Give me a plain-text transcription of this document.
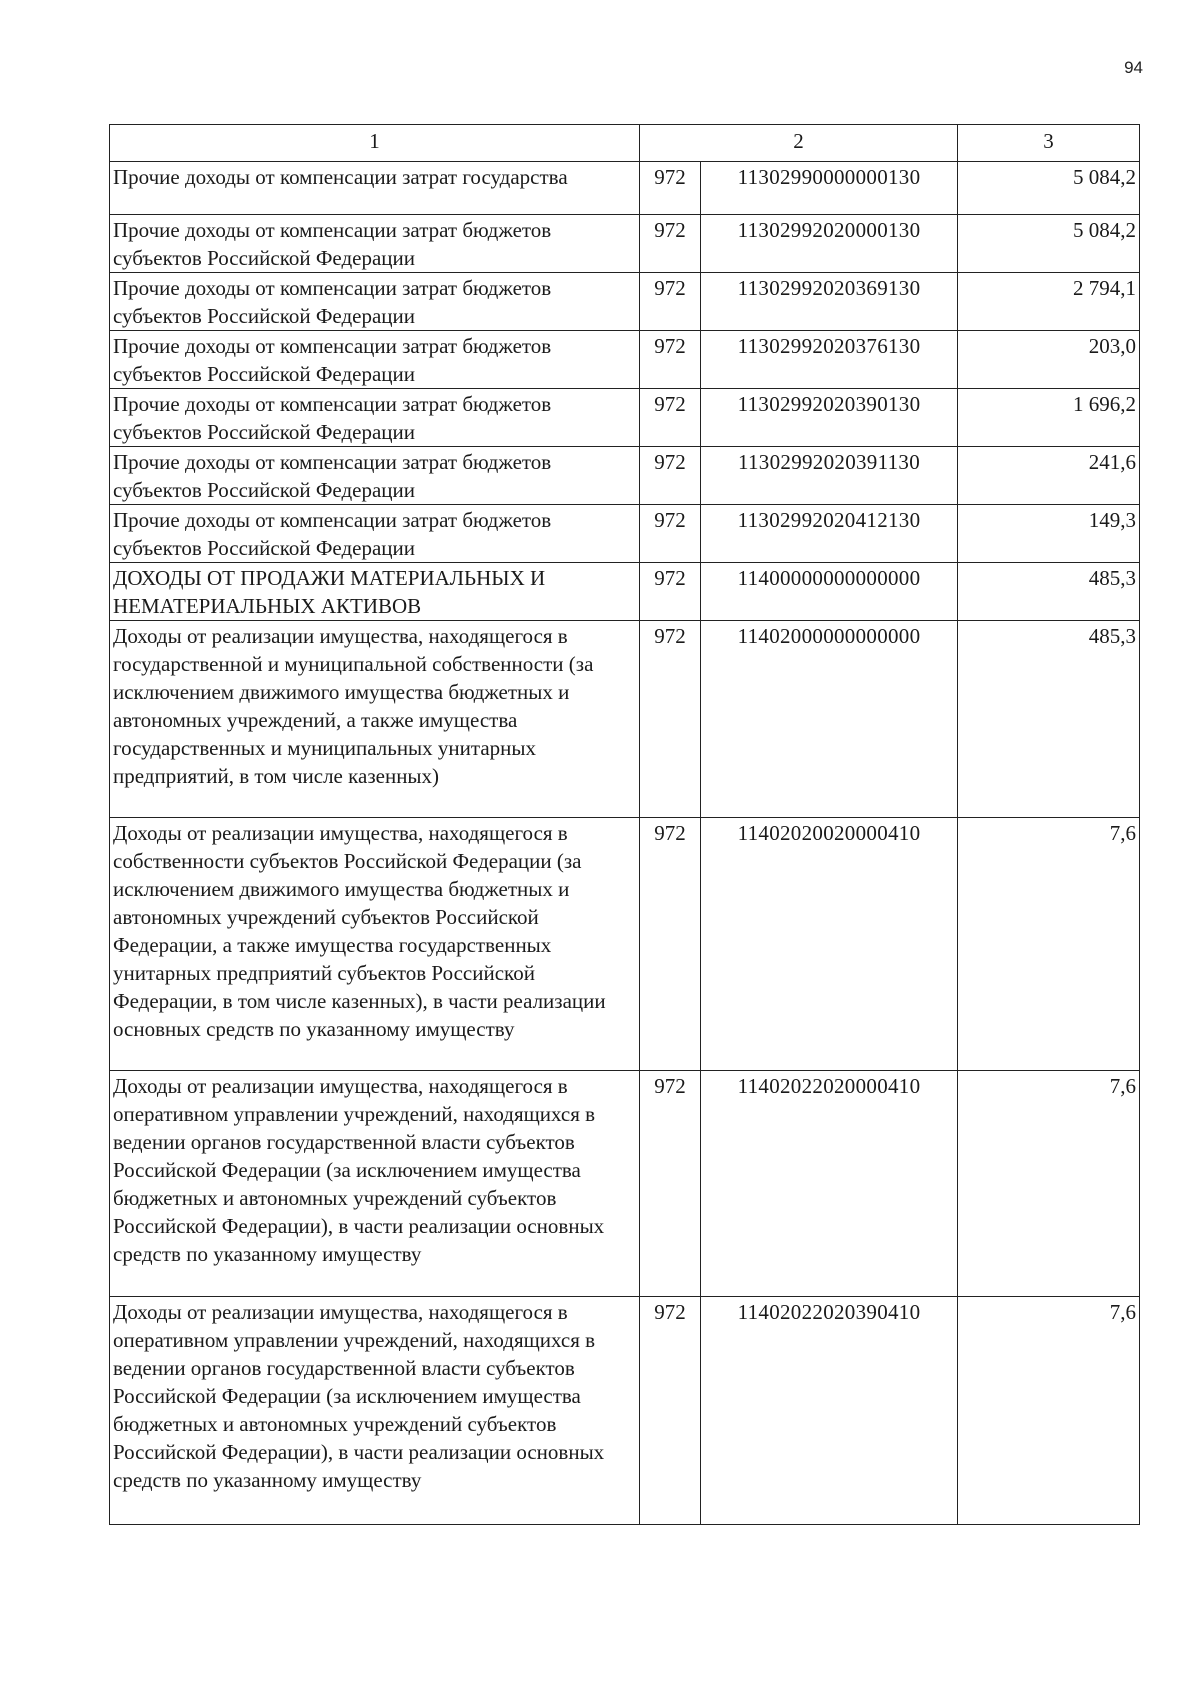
94
1	2		3
Прочие доходы от компенсации затрат государства	972	11302990000000130	5 084,2
Прочие доходы от компенсации затрат бюджетов субъектов Российской Федерации	972	11302992020000130	5 084,2
Прочие доходы от компенсации затрат бюджетов субъектов Российской Федерации	972	11302992020369130	2 794,1
Прочие доходы от компенсации затрат бюджетов субъектов Российской Федерации	972	11302992020376130	203,0
Прочие доходы от компенсации затрат бюджетов субъектов Российской Федерации	972	11302992020390130	1 696,2
Прочие доходы от компенсации затрат бюджетов субъектов Российской Федерации	972	11302992020391130	241,6
Прочие доходы от компенсации затрат бюджетов субъектов Российской Федерации	972	11302992020412130	149,3
ДОХОДЫ ОТ ПРОДАЖИ МАТЕРИАЛЬНЫХ И НЕМАТЕРИАЛЬНЫХ АКТИВОВ	972	11400000000000000	485,3
Доходы от реализации имущества, находящегося в государственной и муниципальной собственности (за исключением движимого имущества бюджетных и автономных учреждений, а также имущества государственных и муниципальных унитарных предприятий, в том числе казенных)	972	11402000000000000	485,3
Доходы от реализации имущества, находящегося в собственности субъектов Российской Федерации (за исключением движимого имущества бюджетных и автономных учреждений субъектов Российской Федерации, а также имущества государственных унитарных предприятий субъектов Российской Федерации, в том числе казенных), в части реализации основных средств по указанному имуществу	972	11402020020000410	7,6
Доходы от реализации имущества, находящегося в оперативном управлении учреждений, находящихся в ведении органов государственной власти субъектов Российской Федерации (за исключением имущества бюджетных и автономных учреждений субъектов Российской Федерации), в части реализации основных средств по указанному имуществу	972	11402022020000410	7,6
Доходы от реализации имущества, находящегося в оперативном управлении учреждений, находящихся в ведении органов государственной власти субъектов Российской Федерации (за исключением имущества бюджетных и автономных учреждений субъектов Российской Федерации), в части реализации основных средств по указанному имуществу	972	11402022020390410	7,6
